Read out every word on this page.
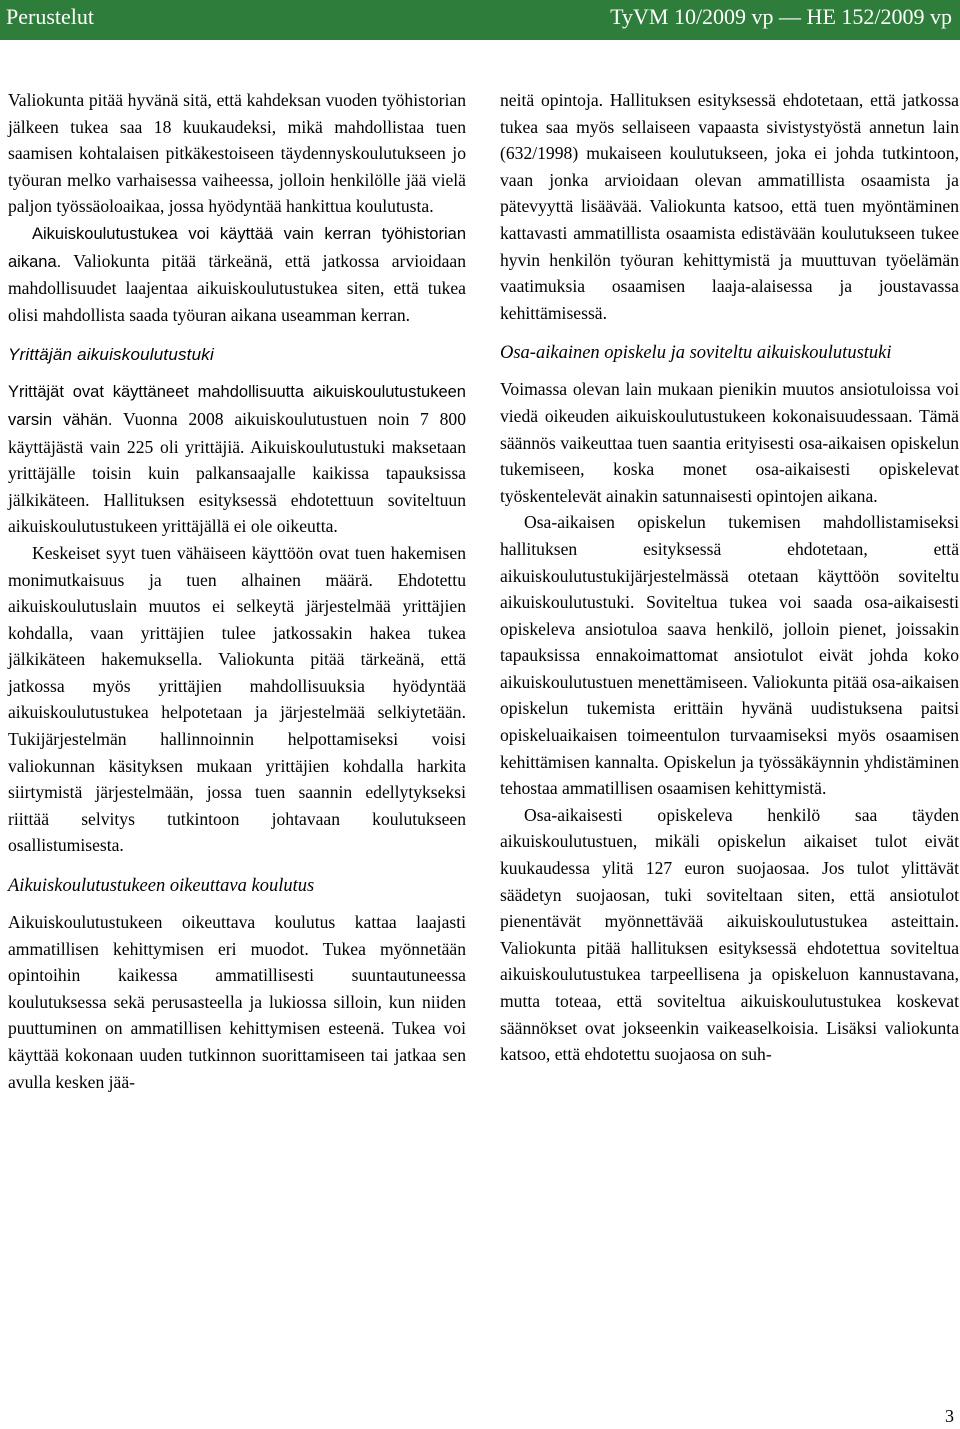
Perustelut	TyVM 10/2009 vp — HE 152/2009 vp

Valiokunta pitää hyvänä sitä, että kahdeksan vuoden työhistorian jälkeen tukea saa 18 kuukaudeksi, mikä mahdollistaa tuen saamisen kohtalaisen pitkäkestoiseen täydennyskoulutukseen jo työuran melko varhaisessa vaiheessa, jolloin henkilölle jää vielä paljon työssäoloaikaa, jossa hyödyntää hankittua koulutusta.

Aikuiskoulutustukea voi käyttää vain kerran työhistorian aikana. Valiokunta pitää tärkeänä, että jatkossa arvioidaan mahdollisuudet laajentaa aikuiskoulutustukea siten, että tukea olisi mahdollista saada työuran aikana useamman kerran.

Yrittäjän aikuiskoulutustuki

Yrittäjät ovat käyttäneet mahdollisuutta aikuiskoulutustukeen varsin vähän. Vuonna 2008 aikuiskoulutustuen noin 7 800 käyttäjästä vain 225 oli yrittäjiä. Aikuiskoulutustuki maksetaan yrittäjälle toisin kuin palkansaajalle kaikissa tapauksissa jälkikäteen. Hallituksen esityksessä ehdotettuun soviteltuun aikuiskoulutustukeen yrittäjällä ei ole oikeutta.

Keskeiset syyt tuen vähäiseen käyttöön ovat tuen hakemisen monimutkaisuus ja tuen alhainen määrä. Ehdotettu aikuiskoulutuslain muutos ei selkeytä järjestelmää yrittäjien kohdalla, vaan yrittäjien tulee jatkossakin hakea tukea jälkikäteen hakemuksella. Valiokunta pitää tärkeänä, että jatkossa myös yrittäjien mahdollisuuksia hyödyntää aikuiskoulutustukea helpotetaan ja järjestelmää selkiytetään. Tukijärjestelmän hallinnoinnin helpottamiseksi voisi valiokunnan käsityksen mukaan yrittäjien kohdalla harkita siirtymistä järjestelmään, jossa tuen saannin edellytykseksi riittää selvitys tutkintoon johtavaan koulutukseen osallistumisesta.

Aikuiskoulutustukeen oikeuttava koulutus

Aikuiskoulutustukeen oikeuttava koulutus kattaa laajasti ammatillisen kehittymisen eri muodot. Tukea myönnetään opintoihin kaikessa ammatillisesti suuntautuneessa koulutuksessa sekä perusasteella ja lukiossa silloin, kun niiden puuttuminen on ammatillisen kehittymisen esteenä. Tukea voi käyttää kokonaan uuden tutkinnon suorittamiseen tai jatkaa sen avulla kesken jää-

neitä opintoja. Hallituksen esityksessä ehdotetaan, että jatkossa tukea saa myös sellaiseen vapaasta sivistystyöstä annetun lain (632/1998) mukaiseen koulutukseen, joka ei johda tutkintoon, vaan jonka arvioidaan olevan ammatillista osaamista ja pätevyyttä lisäävää. Valiokunta katsoo, että tuen myöntäminen kattavasti ammatillista osaamista edistävään koulutukseen tukee hyvin henkilön työuran kehittymistä ja muuttuvan työelämän vaatimuksia osaamisen laaja-alaisessa ja joustavassa kehittämisessä.

Osa-aikainen opiskelu ja soviteltu aikuiskoulutustuki

Voimassa olevan lain mukaan pienikin muutos ansiotuloissa voi viedä oikeuden aikuiskoulutustukeen kokonaisuudessaan. Tämä säännös vaikeuttaa tuen saantia erityisesti osa-aikaisen opiskelun tukemiseen, koska monet osa-aikaisesti opiskelevat työskentelevät ainakin satunnaisesti opintojen aikana.

Osa-aikaisen opiskelun tukemisen mahdollistamiseksi hallituksen esityksessä ehdotetaan, että aikuiskoulutustukijärjestelmässä otetaan käyttöön soviteltu aikuiskoulutustuki. Soviteltua tukea voi saada osa-aikaisesti opiskeleva ansiotuloa saava henkilö, jolloin pienet, joissakin tapauksissa ennakoimattomat ansiotulot eivät johda koko aikuiskoulutustuen menettämiseen. Valiokunta pitää osa-aikaisen opiskelun tukemista erittäin hyvänä uudistuksena paitsi opiskeluaikaisen toimeentulon turvaamiseksi myös osaamisen kehittämisen kannalta. Opiskelun ja työssäkäynnin yhdistäminen tehostaa ammatillisen osaamisen kehittymistä.

Osa-aikaisesti opiskeleva henkilö saa täyden aikuiskoulutustuen, mikäli opiskelun aikaiset tulot eivät kuukaudessa ylitä 127 euron suojaosaa. Jos tulot ylittävät säädetyn suojaosan, tuki soviteltaan siten, että ansiotulot pienentävät myönnettävää aikuiskoulutustukea asteittain. Valiokunta pitää hallituksen esityksessä ehdotettua soviteltua aikuiskoulutustukea tarpeellisena ja opiskeluon kannustavana, mutta toteaa, että soviteltua aikuiskoulutustukea koskevat säännökset ovat jokseenkin vaikeaselkoisia. Lisäksi valiokunta katsoo, että ehdotettu suojaosa on suh-

3
